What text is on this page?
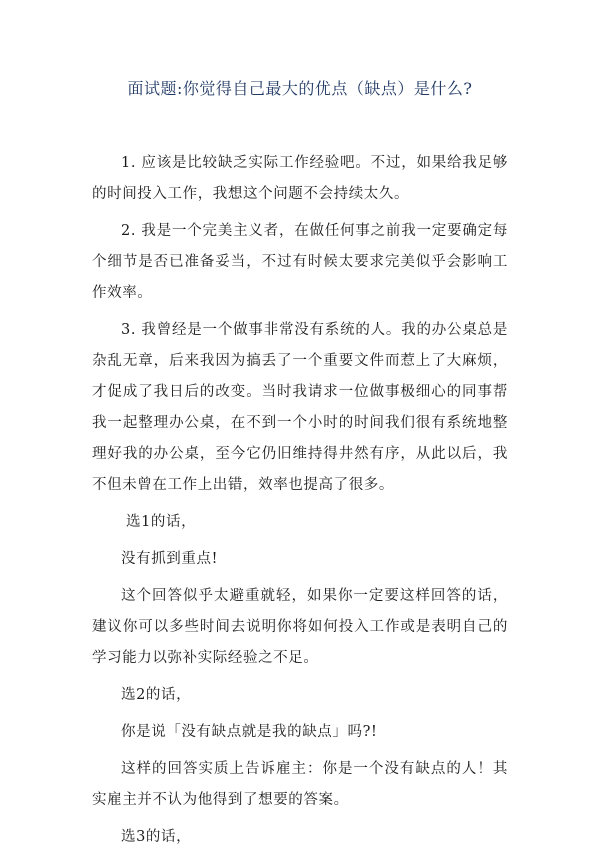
面试题:你觉得自己最大的优点（缺点）是什么?

1. 应该是比较缺乏实际工作经验吧。不过，如果给我足够的时间投入工作，我想这个问题不会持续太久。

2. 我是一个完美主义者，在做任何事之前我一定要确定每个细节是否已准备妥当，不过有时候太要求完美似乎会影响工作效率。

3. 我曾经是一个做事非常没有系统的人。我的办公桌总是杂乱无章，后来我因为搞丢了一个重要文件而惹上了大麻烦，才促成了我日后的改变。当时我请求一位做事极细心的同事帮我一起整理办公桌，在不到一个小时的时间我们很有系统地整理好我的办公桌，至今它仍旧维持得井然有序，从此以后，我不但未曾在工作上出错，效率也提高了很多。

选1的话，

没有抓到重点!

这个回答似乎太避重就轻，如果你一定要这样回答的话，建议你可以多些时间去说明你将如何投入工作或是表明自己的学习能力以弥补实际经验之不足。

选2的话，

你是说「没有缺点就是我的缺点」吗?!

这样的回答实质上告诉雇主：你是一个没有缺点的人！其实雇主并不认为他得到了想要的答案。

选3的话，
